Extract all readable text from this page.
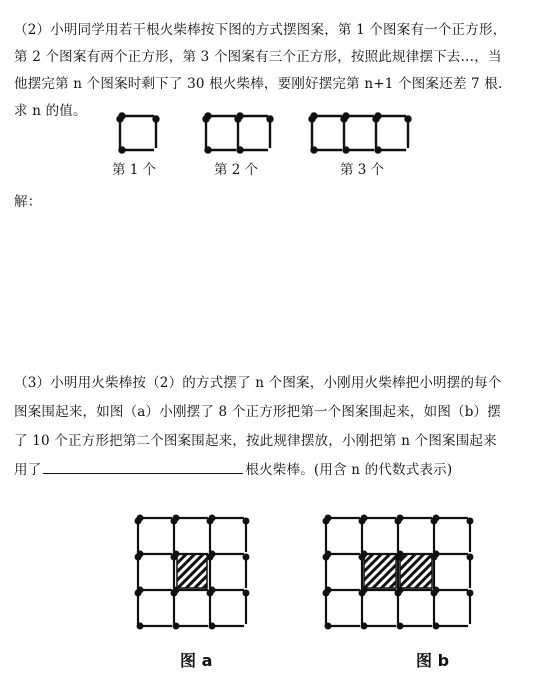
（2）小明同学用若干根火柴棒按下图的方式摆图案，第 1 个图案有一个正方形，
第 2 个图案有两个正方形，第 3 个图案有三个正方形，按照此规律摆下去…，当
他摆完第 n 个图案时剩下了 30 根火柴棒，要刚好摆完第 n+1 个图案还差 7 根.
求 n 的值。
第 1 个	第 2 个	第 3 个
解：
（3）小明用火柴棒按（2）的方式摆了 n 个图案，小刚用火柴棒把小明摆的每个
图案围起来，如图（a）小刚摆了 8 个正方形把第一个图案围起来，如图（b）摆
了 10 个正方形把第二个图案围起来，按此规律摆放，小刚把第 n 个图案围起来
用了	根火柴棒。(用含 n 的代数式表示)
图 a	图 b
